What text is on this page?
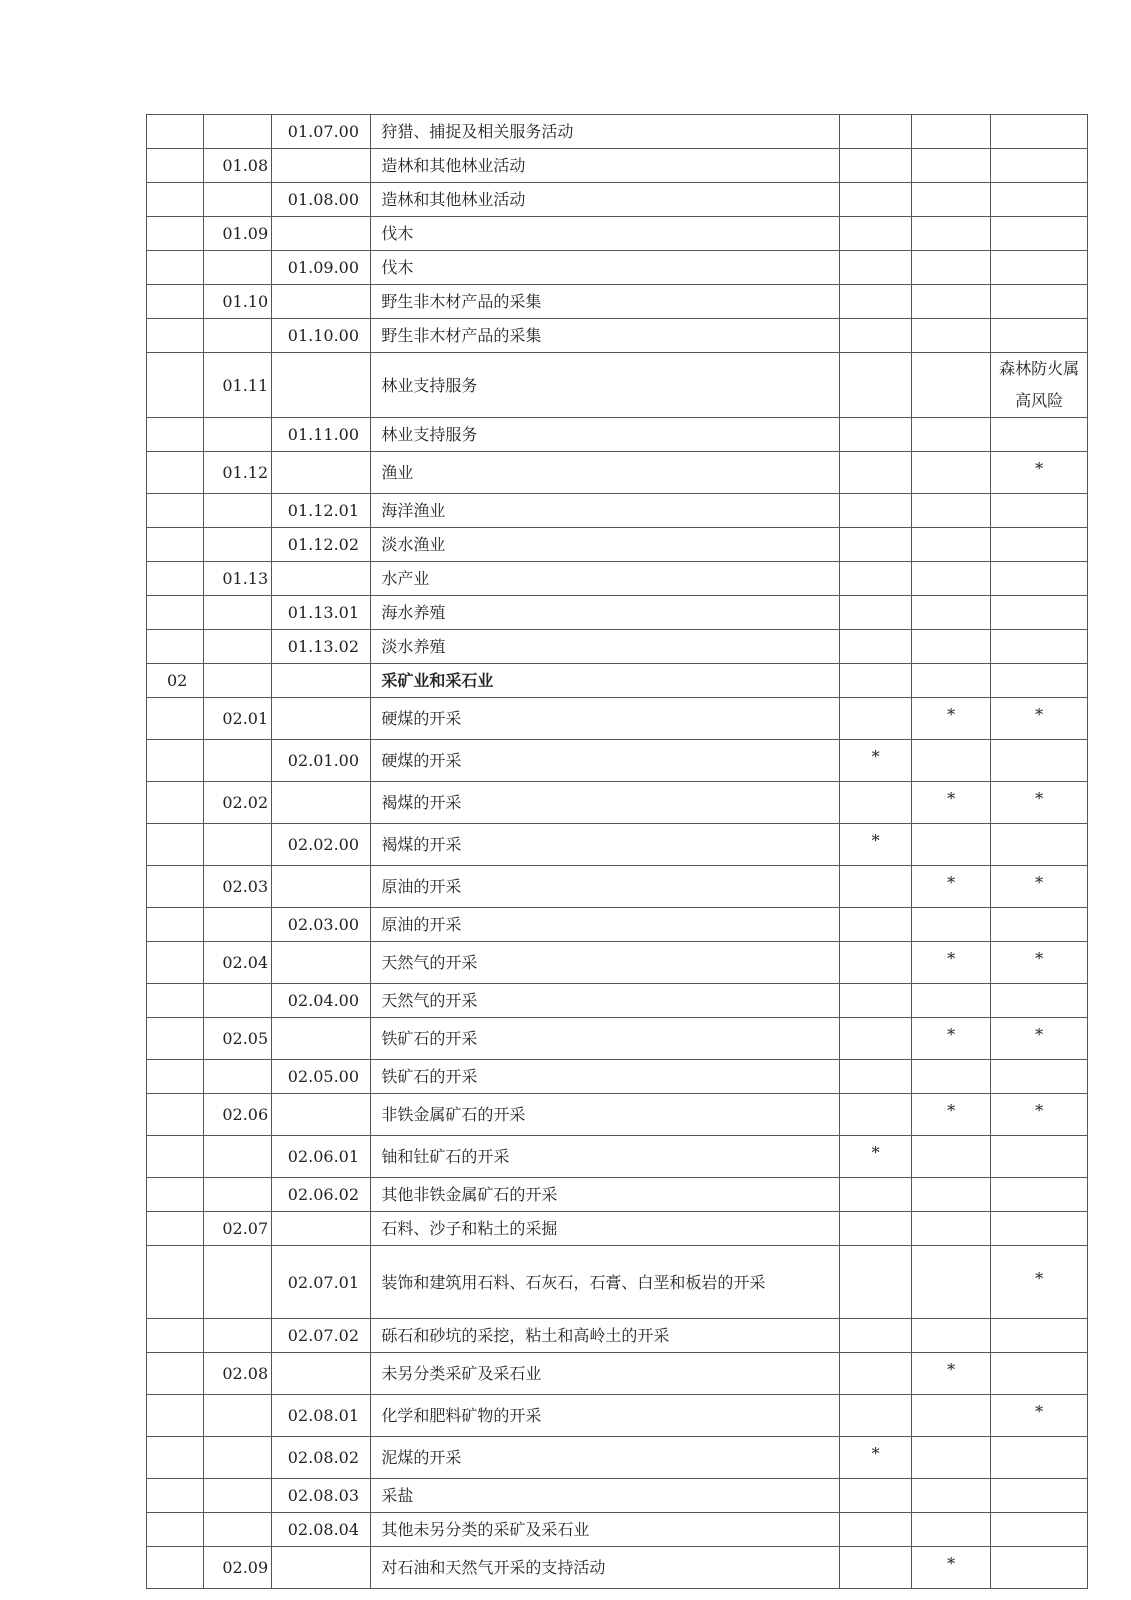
		01.07.00	狩猎、捕捉及相关服务活动			
	01.08		造林和其他林业活动			
		01.08.00	造林和其他林业活动			
	01.09		伐木			
		01.09.00	伐木			
	01.10		野生非木材产品的采集			
		01.10.00	野生非木材产品的采集			
	01.11		林业支持服务			森林防火属高风险
		01.11.00	林业支持服务			
	01.12		渔业			*
		01.12.01	海洋渔业			
		01.12.02	淡水渔业			
	01.13		水产业			
		01.13.01	海水养殖			
		01.13.02	淡水养殖			
02			采矿业和采石业			
	02.01		硬煤的开采		*	*
		02.01.00	硬煤的开采	*		
	02.02		褐煤的开采		*	*
		02.02.00	褐煤的开采	*		
	02.03		原油的开采		*	*
		02.03.00	原油的开采			
	02.04		天然气的开采		*	*
		02.04.00	天然气的开采			
	02.05		铁矿石的开采		*	*
		02.05.00	铁矿石的开采			
	02.06		非铁金属矿石的开采		*	*
		02.06.01	铀和钍矿石的开采	*		
		02.06.02	其他非铁金属矿石的开采			
	02.07		石料、沙子和粘土的采掘			
		02.07.01	装饰和建筑用石料、石灰石，石膏、白垩和板岩的开采			*
		02.07.02	砾石和砂坑的采挖，粘土和高岭土的开采			
	02.08		未另分类采矿及采石业		*	
		02.08.01	化学和肥料矿物的开采			*
		02.08.02	泥煤的开采	*		
		02.08.03	采盐			
		02.08.04	其他未另分类的采矿及采石业			
	02.09		对石油和天然气开采的支持活动		*	
